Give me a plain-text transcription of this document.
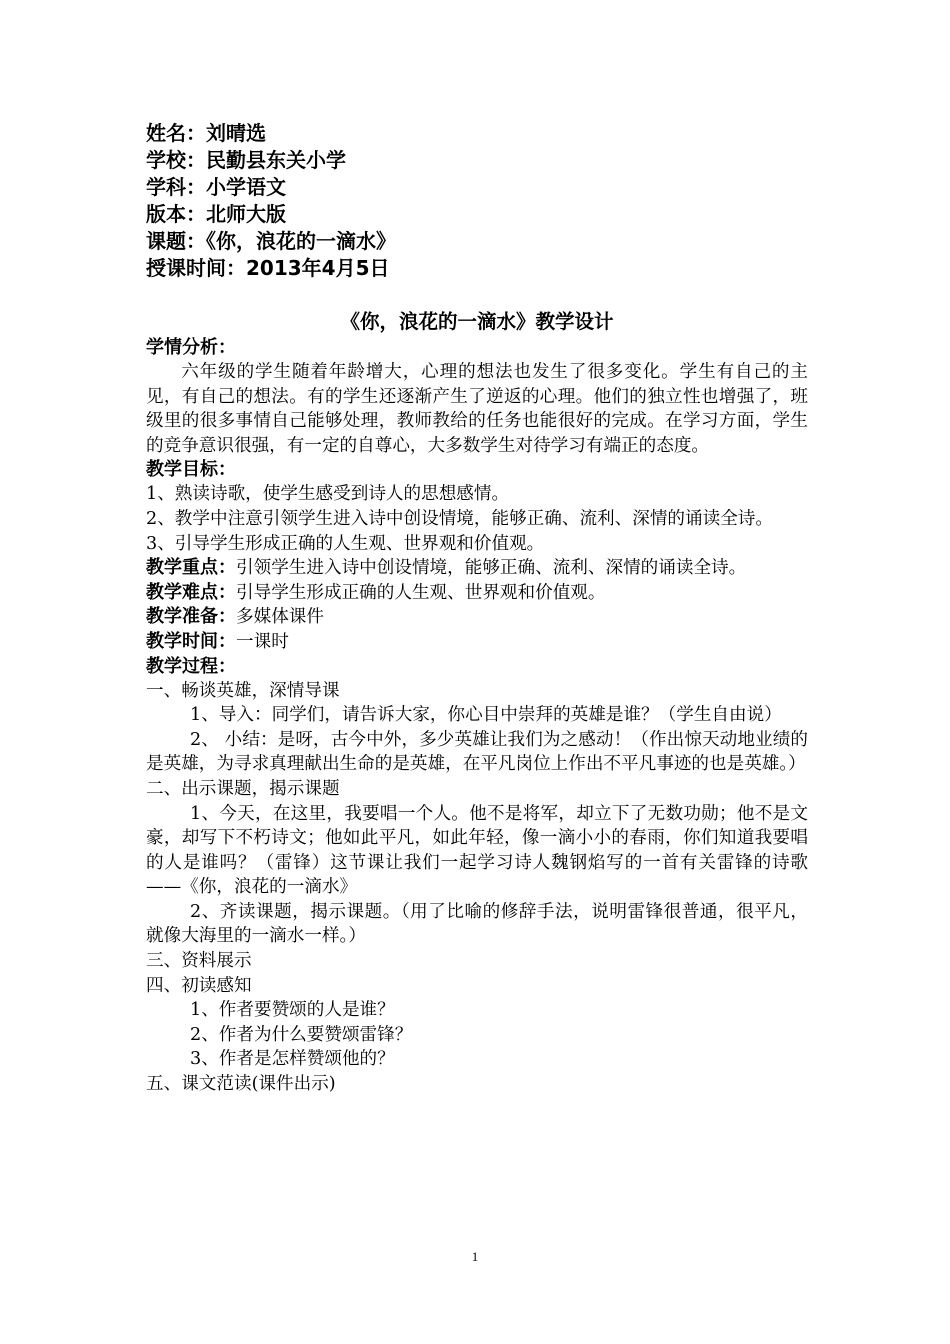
姓名：刘晴选
学校：民勤县东关小学
学科：小学语文
版本：北师大版
课题：《你，浪花的一滴水》
授课时间：2013年4月5日
《你，浪花的一滴水》教学设计
学情分析：
六年级的学生随着年龄增大，心理的想法也发生了很多变化。学生有自己的主见，有自己的想法。有的学生还逐渐产生了逆返的心理。他们的独立性也增强了，班级里的很多事情自己能够处理，教师教给的任务也能很好的完成。在学习方面，学生的竞争意识很强，有一定的自尊心，大多数学生对待学习有端正的态度。
教学目标：
1、熟读诗歌，使学生感受到诗人的思想感情。
2、教学中注意引领学生进入诗中创设情境，能够正确、流利、深情的诵读全诗。
3、引导学生形成正确的人生观、世界观和价值观。
教学重点：引领学生进入诗中创设情境，能够正确、流利、深情的诵读全诗。
教学难点：引导学生形成正确的人生观、世界观和价值观。
教学准备：多媒体课件
教学时间：一课时
教学过程：
一、畅谈英雄，深情导课
1、导入：同学们，请告诉大家，你心目中崇拜的英雄是谁？（学生自由说）
2、 小结：是呀，古今中外，多少英雄让我们为之感动！（作出惊天动地业绩的是英雄，为寻求真理献出生命的是英雄，在平凡岗位上作出不平凡事迹的也是英雄。）
二、出示课题，揭示课题
1、今天，在这里，我要唱一个人。他不是将军，却立下了无数功勋；他不是文豪，却写下不朽诗文；他如此平凡，如此年轻，像一滴小小的春雨，你们知道我要唱的人是谁吗？（雷锋）这节课让我们一起学习诗人魏钢焰写的一首有关雷锋的诗歌——《你，浪花的一滴水》
2、齐读课题，揭示课题。（用了比喻的修辞手法，说明雷锋很普通，很平凡，就像大海里的一滴水一样。）
三、资料展示
四、初读感知
1、作者要赞颂的人是谁？
2、作者为什么要赞颂雷锋？
3、作者是怎样赞颂他的？
五、课文范读(课件出示)
1
